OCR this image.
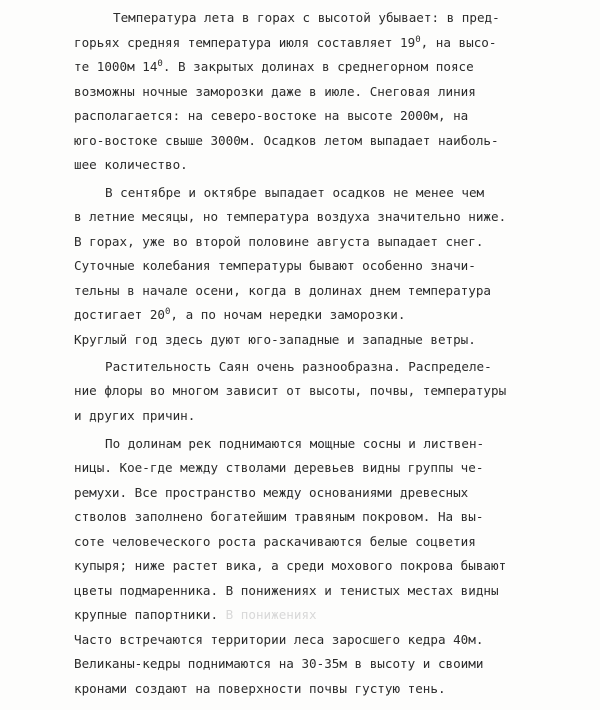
Температура лета в горах с высотой убывает: в пред-
горьях средняя температура июля составляет $19^0$, на высо-
те 1000м $14^0$. В закрытых долинах в среднегорном поясе
возможны ночные заморозки даже в июле. Снеговая линия
располагается: на северо-востоке на высоте 2000м, на
юго-востоке свыше 3000м. Осадков летом выпадает наиболь-
шее количество.
В сентябре и октябре выпадает осадков не менее чем
в летние месяцы, но температура воздуха значительно ниже.
В горах, уже во второй половине августа выпадает снег.
Суточные колебания температуры бывают особенно значи-
тельны в начале осени, когда в долинах днем температура
достигает $20^0$, а по ночам нередки заморозки.
Круглый год здесь дуют юго-западные и западные ветры.
Растительность Саян очень разнообразна. Распределе-
ние флоры во многом зависит от высоты, почвы, температуры
и других причин.
По долинам рек поднимаются мощные сосны и листвен-
ницы. Кое-где между стволами деревьев видны группы че-
ремухи. Все пространство между основаниями древесных
стволов заполнено богатейшим травяным покровом. На вы-
соте человеческого роста раскачиваются белые соцветия
купыря; ниже растет вика, а среди мохового покрова бывают
цветы подмаренника. В понижениях и тенистых местах видны
крупные папортники. В понижениях
Часто встречаются территории леса заросшего кедра 40м.
Великаны-кедры поднимаются на 30-35м в высоту и своими
кронами создают на поверхности почвы густую тень.
